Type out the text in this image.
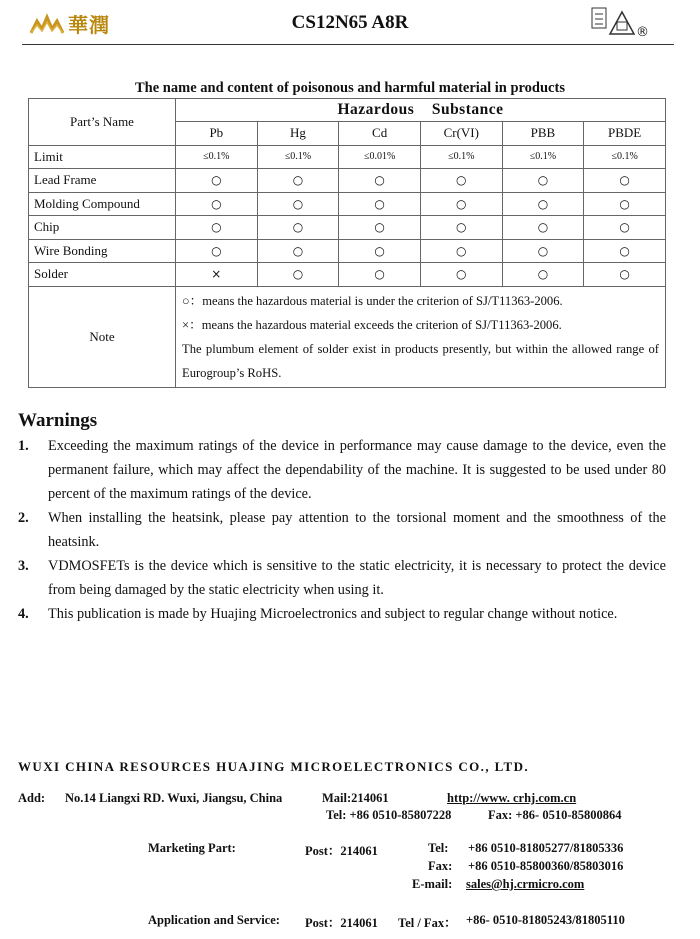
華潤	CS12N65 A8R	®
The name and content of poisonous and harmful material in products
Part’s Name	Hazardous    Substance					
	Pb	Hg	Cd	Cr(VI)	PBB	PBDE
Limit	≤0.1%	≤0.1%	≤0.01%	≤0.1%	≤0.1%	≤0.1%
Lead Frame	○	○	○	○	○	○
Molding Compound	○	○	○	○	○	○
Chip	○	○	○	○	○	○
Wire Bonding	○	○	○	○	○	○
Solder	×	○	○	○	○	○
Note	○：means the hazardous material is under the criterion of SJ/T11363-2006.
×：means the hazardous material exceeds the criterion of SJ/T11363-2006.
The plumbum element of solder exist in products presently, but within the allowed range of Eurogroup’s RoHS.					
Warnings
1.	Exceeding the maximum ratings of the device in performance may cause damage to the device, even the permanent failure, which may affect the dependability of the machine. It is suggested to be used under 80 percent of the maximum ratings of the device.
2.	When installing the heatsink, please pay attention to the torsional moment and the smoothness of the heatsink.
3.	VDMOSFETs is the device which is sensitive to the static electricity, it is necessary to protect the device from being damaged by the static electricity when using it.
4.	This publication is made by Huajing Microelectronics and subject to regular change without notice.
WUXI CHINA RESOURCES HUAJING MICROELECTRONICS CO., LTD.
Add: No.14 Liangxi RD. Wuxi, Jiangsu, China	Mail:214061	http://www. crhj.com.cn
Tel: +86 0510-85807228	Fax: +86- 0510-85800864
Marketing Part:	Post：214061	Tel: +86 0510-81805277/81805336
Fax: +86 0510-85800360/85803016
E-mail: sales@hj.crmicro.com
Application and Service: Post：214061 Tel / Fax： +86- 0510-81805243/81805110
